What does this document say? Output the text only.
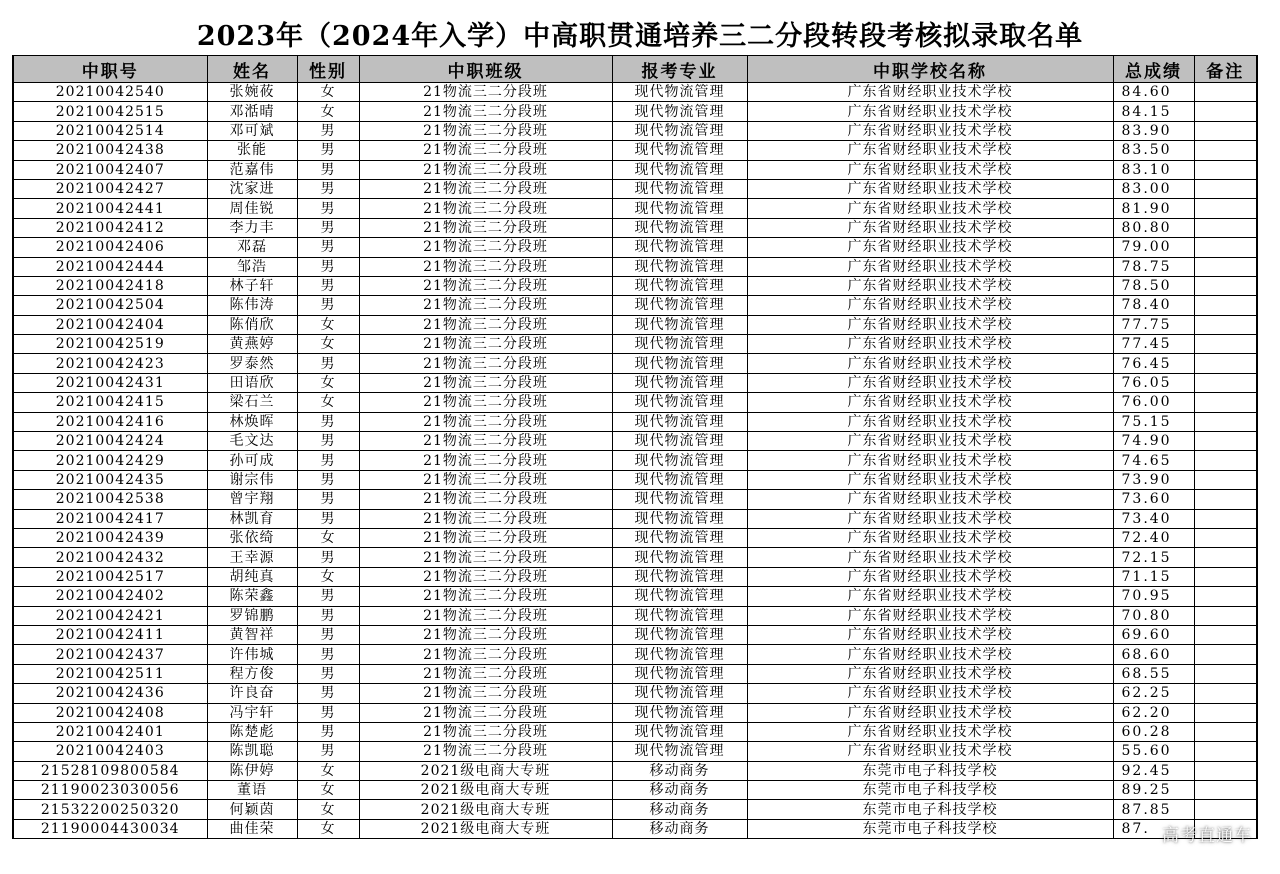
2023年（2024年入学）中高职贯通培养三二分段转段考核拟录取名单
中职号	姓名	性别	中职班级	报考专业	中职学校名称	总成绩	备注
20210042540	张婉莜	女	21物流三二分段班	现代物流管理	广东省财经职业技术学校	84.60	
20210042515	邓湉晴	女	21物流三二分段班	现代物流管理	广东省财经职业技术学校	84.15	
20210042514	邓可斌	男	21物流三二分段班	现代物流管理	广东省财经职业技术学校	83.90	
20210042438	张能	男	21物流三二分段班	现代物流管理	广东省财经职业技术学校	83.50	
20210042407	范嘉伟	男	21物流三二分段班	现代物流管理	广东省财经职业技术学校	83.10	
20210042427	沈家进	男	21物流三二分段班	现代物流管理	广东省财经职业技术学校	83.00	
20210042441	周佳锐	男	21物流三二分段班	现代物流管理	广东省财经职业技术学校	81.90	
20210042412	李力丰	男	21物流三二分段班	现代物流管理	广东省财经职业技术学校	80.80	
20210042406	邓磊	男	21物流三二分段班	现代物流管理	广东省财经职业技术学校	79.00	
20210042444	邹浩	男	21物流三二分段班	现代物流管理	广东省财经职业技术学校	78.75	
20210042418	林子轩	男	21物流三二分段班	现代物流管理	广东省财经职业技术学校	78.50	
20210042504	陈伟涛	男	21物流三二分段班	现代物流管理	广东省财经职业技术学校	78.40	
20210042404	陈俏欣	女	21物流三二分段班	现代物流管理	广东省财经职业技术学校	77.75	
20210042519	黄燕婷	女	21物流三二分段班	现代物流管理	广东省财经职业技术学校	77.45	
20210042423	罗泰然	男	21物流三二分段班	现代物流管理	广东省财经职业技术学校	76.45	
20210042431	田语欣	女	21物流三二分段班	现代物流管理	广东省财经职业技术学校	76.05	
20210042415	梁石兰	女	21物流三二分段班	现代物流管理	广东省财经职业技术学校	76.00	
20210042416	林焕晖	男	21物流三二分段班	现代物流管理	广东省财经职业技术学校	75.15	
20210042424	毛文达	男	21物流三二分段班	现代物流管理	广东省财经职业技术学校	74.90	
20210042429	孙可成	男	21物流三二分段班	现代物流管理	广东省财经职业技术学校	74.65	
20210042435	谢宗伟	男	21物流三二分段班	现代物流管理	广东省财经职业技术学校	73.90	
20210042538	曾宇翔	男	21物流三二分段班	现代物流管理	广东省财经职业技术学校	73.60	
20210042417	林凯育	男	21物流三二分段班	现代物流管理	广东省财经职业技术学校	73.40	
20210042439	张依绮	女	21物流三二分段班	现代物流管理	广东省财经职业技术学校	72.40	
20210042432	王幸源	男	21物流三二分段班	现代物流管理	广东省财经职业技术学校	72.15	
20210042517	胡纯真	女	21物流三二分段班	现代物流管理	广东省财经职业技术学校	71.15	
20210042402	陈荣鑫	男	21物流三二分段班	现代物流管理	广东省财经职业技术学校	70.95	
20210042421	罗锦鹏	男	21物流三二分段班	现代物流管理	广东省财经职业技术学校	70.80	
20210042411	黄智祥	男	21物流三二分段班	现代物流管理	广东省财经职业技术学校	69.60	
20210042437	许伟城	男	21物流三二分段班	现代物流管理	广东省财经职业技术学校	68.60	
20210042511	程方俊	男	21物流三二分段班	现代物流管理	广东省财经职业技术学校	68.55	
20210042436	许良奋	男	21物流三二分段班	现代物流管理	广东省财经职业技术学校	62.25	
20210042408	冯宇轩	男	21物流三二分段班	现代物流管理	广东省财经职业技术学校	62.20	
20210042401	陈楚彪	男	21物流三二分段班	现代物流管理	广东省财经职业技术学校	60.28	
20210042403	陈凯聪	男	21物流三二分段班	现代物流管理	广东省财经职业技术学校	55.60	
21528109800584	陈伊婷	女	2021级电商大专班	移动商务	东莞市电子科技学校	92.45	
21190023030056	董语	女	2021级电商大专班	移动商务	东莞市电子科技学校	89.25	
21532200250320	何颖茵	女	2021级电商大专班	移动商务	东莞市电子科技学校	87.85	
21190004430034	曲佳荣	女	2021级电商大专班	移动商务	东莞市电子科技学校	87.	高考直通车
